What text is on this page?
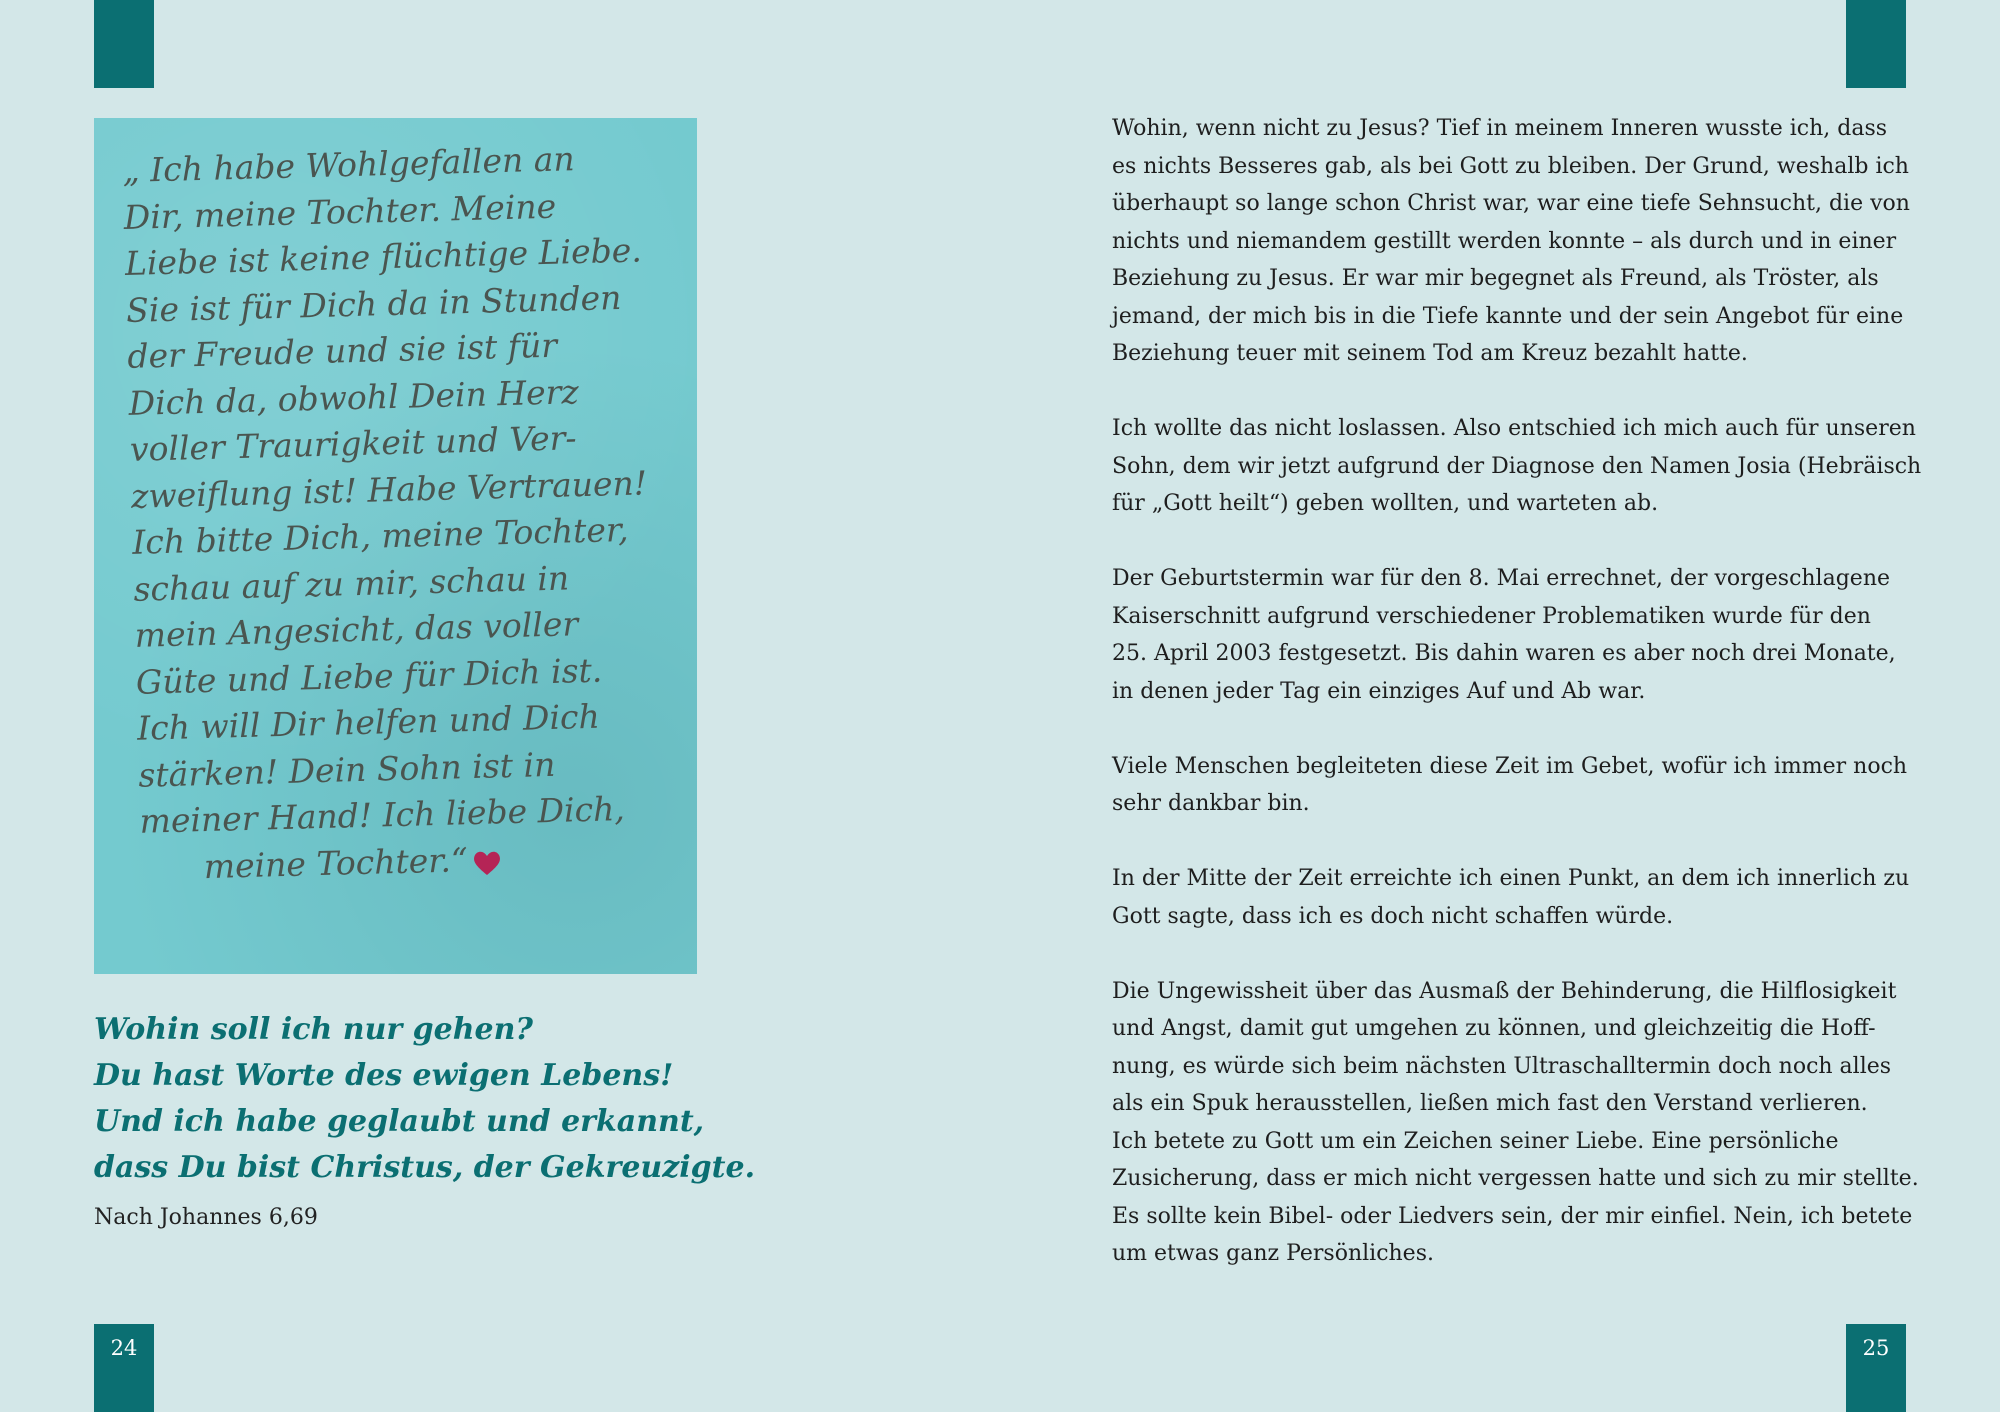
„ Ich habe Wohlgefallen an
Dir, meine Tochter. Meine
Liebe ist keine flüchtige Liebe.
Sie ist für Dich da in Stunden
der Freude und sie ist für
Dich da, obwohl Dein Herz
voller Traurigkeit und Ver-
zweiflung ist! Habe Vertrauen!
Ich bitte Dich, meine Tochter,
schau auf zu mir, schau in
mein Angesicht, das voller
Güte und Liebe für Dich ist.
Ich will Dir helfen und Dich
stärken! Dein Sohn ist in
meiner Hand! Ich liebe Dich,
meine Tochter.“
Wohin soll ich nur gehen?
Du hast Worte des ewigen Lebens!
Und ich habe geglaubt und erkannt,
dass Du bist Christus, der Gekreuzigte.
Nach Johannes 6,69
Wohin, wenn nicht zu Jesus? Tief in meinem Inneren wusste ich, dass
es nichts Besseres gab, als bei Gott zu bleiben. Der Grund, weshalb ich
überhaupt so lange schon Christ war, war eine tiefe Sehnsucht, die von
nichts und niemandem gestillt werden konnte – als durch und in einer
Beziehung zu Jesus. Er war mir begegnet als Freund, als Tröster, als
jemand, der mich bis in die Tiefe kannte und der sein Angebot für eine
Beziehung teuer mit seinem Tod am Kreuz bezahlt hatte.
Ich wollte das nicht loslassen. Also entschied ich mich auch für unseren
Sohn, dem wir jetzt aufgrund der Diagnose den Namen Josia (Hebräisch
für „Gott heilt“) geben wollten, und warteten ab.
Der Geburtstermin war für den 8. Mai errechnet, der vorgeschlagene
Kaiserschnitt aufgrund verschiedener Problematiken wurde für den
25. April 2003 festgesetzt. Bis dahin waren es aber noch drei Monate,
in denen jeder Tag ein einziges Auf und Ab war.
Viele Menschen begleiteten diese Zeit im Gebet, wofür ich immer noch
sehr dankbar bin.
In der Mitte der Zeit erreichte ich einen Punkt, an dem ich innerlich zu
Gott sagte, dass ich es doch nicht schaffen würde.
Die Ungewissheit über das Ausmaß der Behinderung, die Hilflosigkeit
und Angst, damit gut umgehen zu können, und gleichzeitig die Hoff-
nung, es würde sich beim nächsten Ultraschalltermin doch noch alles
als ein Spuk herausstellen, ließen mich fast den Verstand verlieren.
Ich betete zu Gott um ein Zeichen seiner Liebe. Eine persönliche
Zusicherung, dass er mich nicht vergessen hatte und sich zu mir stellte.
Es sollte kein Bibel- oder Liedvers sein, der mir einfiel. Nein, ich betete
um etwas ganz Persönliches.
24	25
